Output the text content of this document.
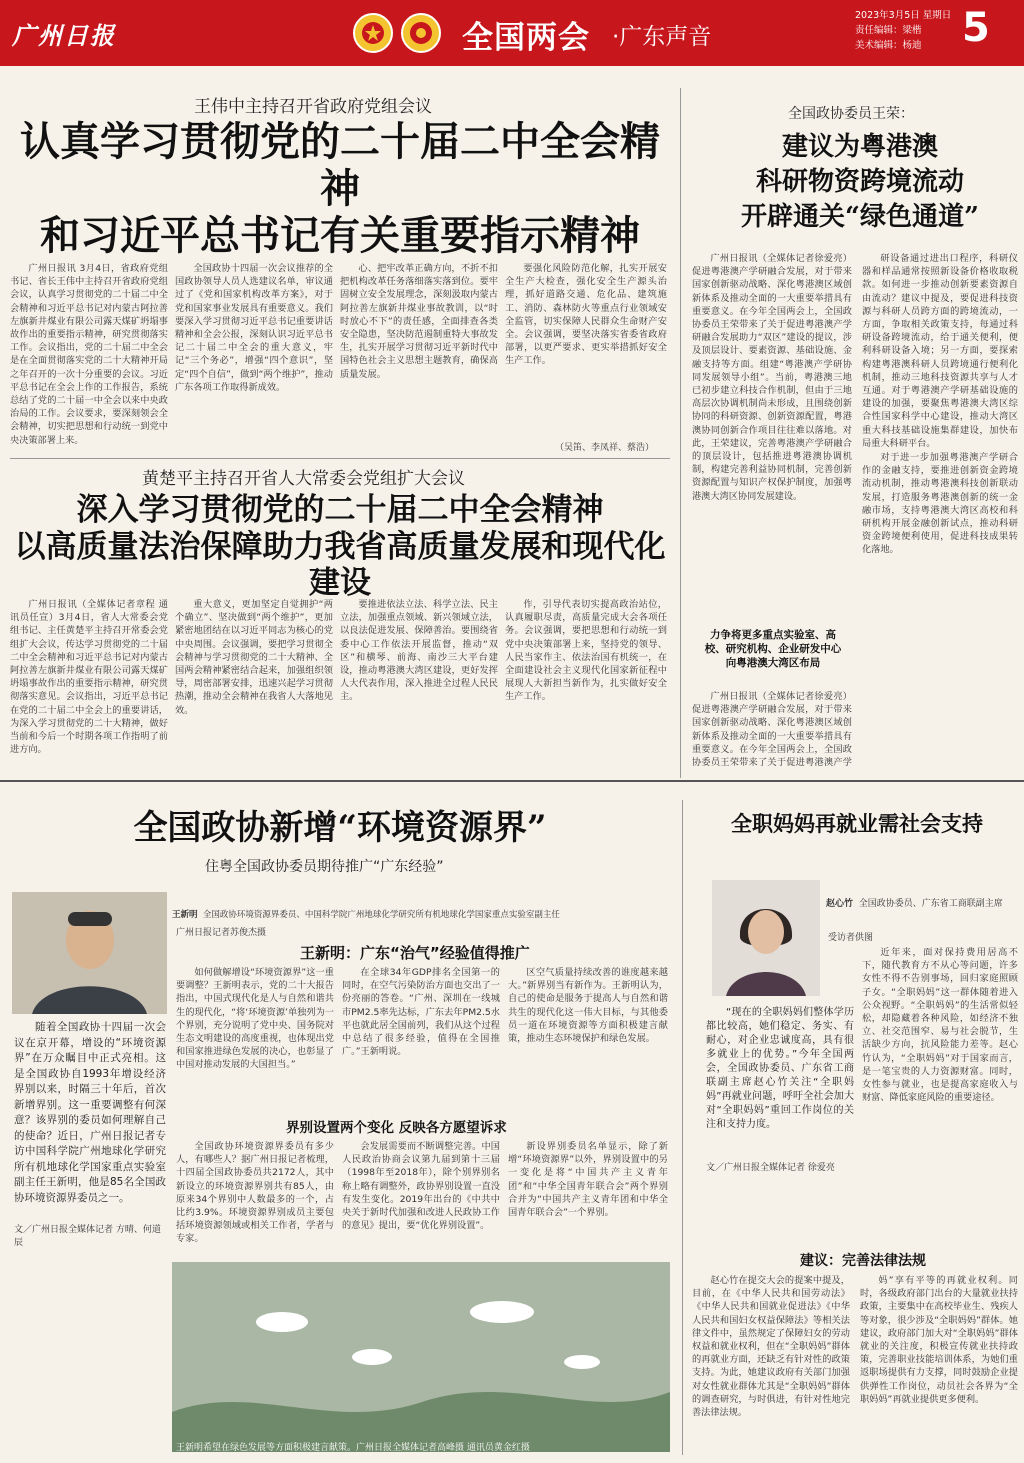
广州日报	全国两会 ·广东声音
2023年3月5日 星期日
责任编辑：梁楷
美术编辑：杨迪	5
王伟中主持召开省政府党组会议
认真学习贯彻党的二十届二中全会精神
和习近平总书记有关重要指示精神

广州日报讯 3月4日，省政府党组书记、省长王伟中主持召开省政府党组会议，认真学习贯彻党的二十届二中全会精神和习近平总书记对内蒙古阿拉善左旗新井煤业有限公司露天煤矿坍塌事故作出的重要指示精神，研究贯彻落实工作。会议指出，党的二十届二中全会是在全面贯彻落实党的二十大精神开局之年召开的一次十分重要的会议。习近平总书记在全会上作的工作报告，系统总结了党的二十届一中全会以来中央政治局的工作。会议要求，要深刻领会全会精神，切实把思想和行动统一到党中央决策部署上来。

全国政协十四届一次会议推荐的全国政协领导人员人选建议名单，审议通过了《党和国家机构改革方案》，对于党和国家事业发展具有重要意义。我们要深入学习贯彻习近平总书记重要讲话精神和全会公报，深刻认识习近平总书记二十届二中全会的重大意义，牢记“三个务必”，增强“四个意识”，坚定“四个自信”，做到“两个维护”，推动广东各项工作取得新成效。

心、把牢改革正确方向，不折不扣把机构改革任务落细落实落到位。要牢固树立安全发展理念，深刻汲取内蒙古阿拉善左旗新井煤业事故教训，以“时时放心不下”的责任感，全面排查各类安全隐患，坚决防范遏制重特大事故发生，扎实开展学习贯彻习近平新时代中国特色社会主义思想主题教育，确保高质量发展。

要强化风险防范化解，扎实开展安全生产大检查，强化安全生产源头治理，抓好道路交通、危化品、建筑施工、消防、森林防火等重点行业领域安全监管，切实保障人民群众生命财产安全。会议强调，要坚决落实省委省政府部署，以更严要求、更实举措抓好安全生产工作。

（吴笛、李凤祥、蔡浩）
黄楚平主持召开省人大常委会党组扩大会议
深入学习贯彻党的二十届二中全会精神
以高质量法治保障助力我省高质量发展和现代化建设

广州日报讯（全媒体记者章程 通讯员任宣）3月4日，省人大常委会党组书记、主任黄楚平主持召开常委会党组扩大会议，传达学习贯彻党的二十届二中全会精神和习近平总书记对内蒙古阿拉善左旗新井煤业有限公司露天煤矿坍塌事故作出的重要指示精神，研究贯彻落实意见。会议指出，习近平总书记在党的二十届二中全会上的重要讲话，为深入学习贯彻党的二十大精神，做好当前和今后一个时期各项工作指明了前进方向。

重大意义，更加坚定自觉拥护“两个确立”、坚决做到“两个维护”，更加紧密地团结在以习近平同志为核心的党中央周围。会议强调，要把学习贯彻全会精神与学习贯彻党的二十大精神、全国两会精神紧密结合起来，加强组织领导，周密部署安排，迅速兴起学习贯彻热潮，推动全会精神在我省人大落地见效。

要推进依法立法、科学立法、民主立法，加强重点领域、新兴领域立法，以良法促进发展、保障善治。要围绕省委中心工作依法开展监督，推动“双区”和横琴、前海、南沙三大平台建设，推动粤港澳大湾区建设，更好发挥人大代表作用，深入推进全过程人民民主。

作，引导代表切实提高政治站位，认真履职尽责，高质量完成大会各项任务。会议强调，要把思想和行动统一到党中央决策部署上来，坚持党的领导、人民当家作主、依法治国有机统一，在全面建设社会主义现代化国家新征程中展现人大新担当新作为，扎实做好安全生产工作。

全国政协委员王荣：
建议为粤港澳
科研物资跨境流动
开辟通关“绿色通道”

广州日报讯（全媒体记者徐爱亮）促进粤港澳产学研融合发展，对于带来国家创新驱动战略、深化粤港澳区域创新体系及推动全面的一大重要举措具有重要意义。在今年全国两会上，全国政协委员王荣带来了关于促进粤港澳产学研融合发展助力“双区”建设的提议，涉及顶层设计、要素资源、基础设施、金融支持等方面。组建“粤港澳产学研协同发展领导小组”。当前，粤港澳三地已初步建立科技合作机制，但由于三地高层次协调机制尚未形成，且围绕创新协同的科研资源、创新资源配置，粤港澳协同创新合作项目往往难以落地。对此，王荣建议，完善粤港澳产学研融合的顶层设计，包括推进粤港澳协调机制，构建完善利益协同机制，完善创新资源配置与知识产权保护制度，加强粤港澳大湾区协同发展建设。

研设备通过进出口程序，科研仪器和样品通常按照新设备价格收取税款。如何进一步推动创新要素资源自由流动？建议中提及，要促进科技资源与科研人员跨方面的跨境流动，一方面，争取相关政策支持，每通过科研设备跨境流动，给于通关便利，便利科研设备入境；另一方面，要探索构建粤港澳科研人员跨境通行便利化机制，推动三地科技资源共享与人才互通。对于粤港澳产学研基础设施的建设的加强，要聚焦粤港澳大湾区综合性国家科学中心建设，推动大湾区重大科技基础设施集群建设，加快布局重大科研平台。

对于进一步加强粤港澳产学研合作的金融支持，要推进创新资金跨境流动机制，推动粤港澳科技创新联动发展，打造服务粤港澳创新的统一金融市场，支持粤港澳大湾区高校和科研机构开展金融创新试点，推动科研资金跨境便利使用，促进科技成果转化落地。

力争将更多重点实验室、高校、研究机构、企业研发中心向粤港澳大湾区布局

广州日报讯（全媒体记者徐爱亮）促进粤港澳产学研融合发展，对于带来国家创新驱动战略、深化粤港澳区域创新体系及推动全面的一大重要举措具有重要意义。在今年全国两会上，全国政协委员王荣带来了关于促进粤港澳产学

全国政协新增“环境资源界”
住粤全国政协委员期待推广“广东经验”
王新明 全国政协环境资源界委员、中国科学院广州地球化学研究所有机地球化学国家重点实验室副主任
广州日报记者苏俊杰摄

随着全国政协十四届一次会议在京开幕，增设的“环境资源界”在万众瞩目中正式亮相。这是全国政协自1993年增设经济界别以来，时隔三十年后，首次新增界别。这一重要调整有何深意？该界别的委员如何理解自己的使命？近日，广州日报记者专访中国科学院广州地球化学研究所有机地球化学国家重点实验室副主任王新明，他是85名全国政协环境资源界委员之一。

文／广州日报全媒体记者 方晴、何道辰
王新明：广东“治气”经验值得推广

如何做解增设“环境资源界”这一重要调整？王新明表示，党的二十大报告指出，中国式现代化是人与自然和谐共生的现代化，“将‘环境资源’单独列为一个界别，充分说明了党中央、国务院对生态文明建设的高度重视，也体现出党和国家推进绿色发展的决心，也彰显了中国对推动发展的大国担当。”

在全球34年GDP排名全国第一的同时，在空气污染防治方面也交出了一份亮丽的答卷。“广州、深圳在一线城市PM2.5率先达标，广东去年PM2.5水平也就此居全国前列，我们从这个过程中总结了很多经验，值得在全国推广。”王新明说。

区空气质量持续改善的谁度越来越大。”新界别当有新作为。王新明认为，自己的使命是服务于提高人与自然和谐共生的现代化这一伟大目标，与其他委员一道在环境资源等方面积极建言献策，推动生态环境保护和绿色发展。

界别设置两个变化 反映各方愿望诉求

全国政协环境资源界委员有多少人，有哪些人？据广州日报记者梳理，十四届全国政协委员共2172人，其中新设立的环境资源界别共有85人，由原来34个界别中人数最多的一个，占比约3.9%。环境资源界别成员主要包括环境资源领域或相关工作者，学者与专家。

会发展需要而不断调整完善。中国人民政治协商会议第九届到第十三届（1998年至2018年），除个别界别名称上略有调整外，政协界别设置一直没有发生变化。2019年出台的《中共中央关于新时代加强和改进人民政协工作的意见》提出，要“优化界别设置”。

新设界别委员名单显示，除了新增“环境资源界”以外，界别设置中的另一变化是将“中国共产主义青年团”和“中华全国青年联合会”两个界别合并为“中国共产主义青年团和中华全国青年联合会”一个界别。

王新明希望在绿色发展等方面积极建言献策。广州日报全媒体记者高峰摄 通讯员黄金红摄
全职妈妈再就业需社会支持
赵心竹 全国政协委员、广东省工商联副主席
受访者供图

“现在的全职妈妈们整体学历都比较高，她们稳定、务实、有耐心，对企业忠诚度高，具有很多就业上的优势。”今年全国两会，全国政协委员、广东省工商联副主席赵心竹关注“全职妈妈”再就业问题，呼吁全社会加大对“全职妈妈”重回工作岗位的关注和支持力度。

文／广州日报全媒体记者 徐爱亮

近年来，面对保持费用居高不下，随代教育方不从心等问题，许多女性不得不告别事场，回归家庭照顾子女。“全职妈妈”这一群体随着进入公众视野。“全职妈妈”的生活常似轻松，却隐藏着各种风险，如经济不独立、社交范围窄、易与社会脱节，生活缺少方向，抗风险能力差等。赵心竹认为，“全职妈妈”对于国家而言，是一笔宝贵的人力资源财富。同时，女性参与就业，也是提高家庭收入与财富、降低家庭风险的重要途径。

建议：完善法律法规

赵心竹在提交大会的提案中提及，目前，在《中华人民共和国劳动法》《中华人民共和国就业促进法》《中华人民共和国妇女权益保障法》等相关法律文件中，虽然规定了保障妇女的劳动权益和就业权利，但在“全职妈妈”群体的再就业方面，还缺乏有针对性的政策支持。为此，她建议政府有关部门加强对女性就业群体尤其是“全职妈妈”群体的调查研究，与时俱进，有针对性地完善法律法规。

妈”享有平等的再就业权利。同时，各级政府部门出台的大量就业扶持政策，主要集中在高校毕业生、残疾人等对象，很少涉及“全职妈妈”群体。她建议，政府部门加大对“全职妈妈”群体就业的关注度，积极宣传就业扶持政策，完善职业技能培训体系，为她们重返职场提供有力支撑，同时鼓励企业提供弹性工作岗位，动员社会各界为“全职妈妈”再就业提供更多便利。
